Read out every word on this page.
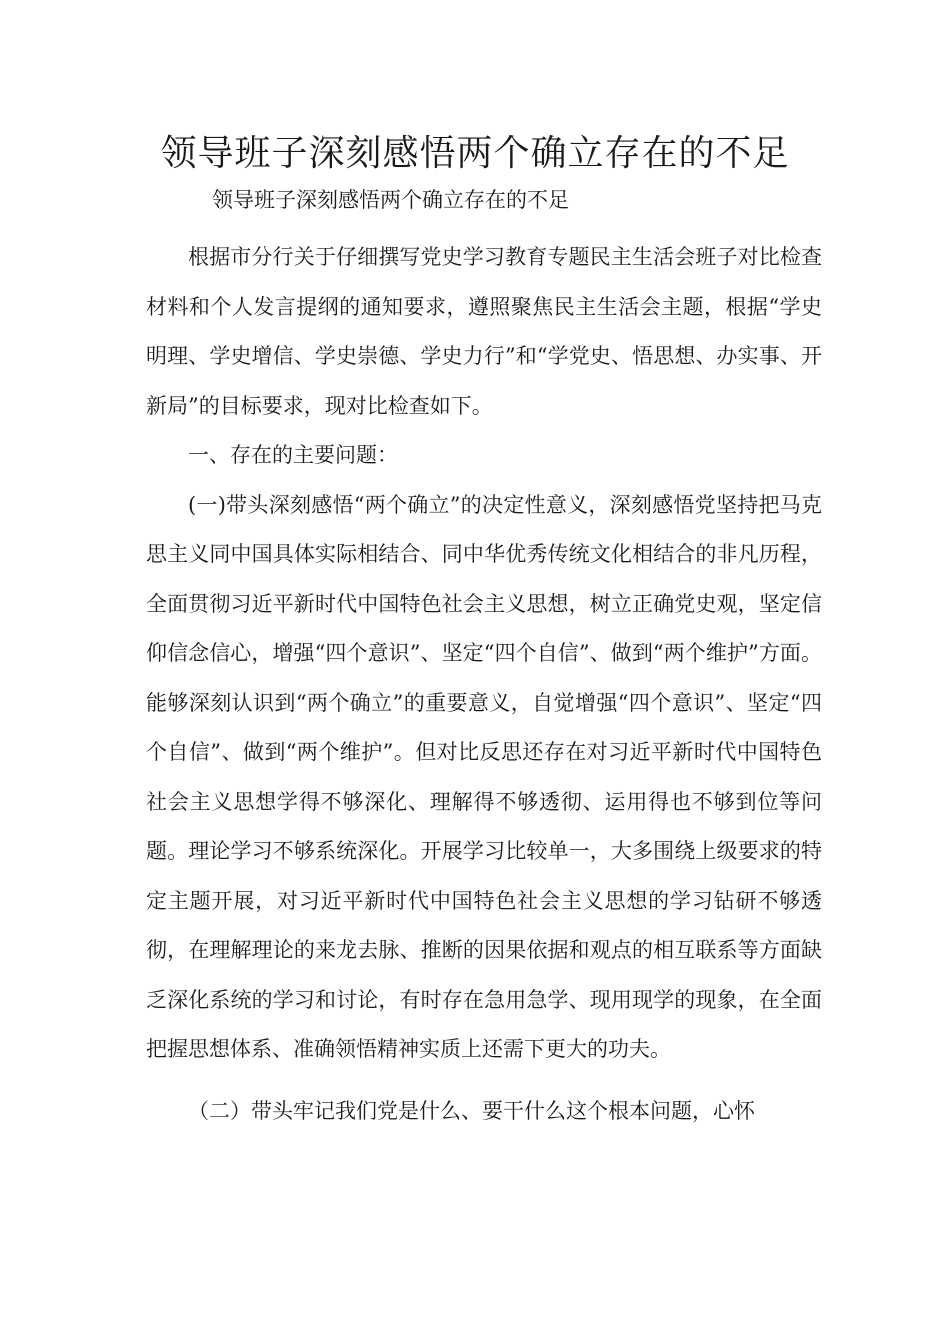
领导班子深刻感悟两个确立存在的不足

领导班子深刻感悟两个确立存在的不足

根据市分行关于仔细撰写党史学习教育专题民主生活会班子对比检查材料和个人发言提纲的通知要求，遵照聚焦民主生活会主题，根据“学史明理、学史增信、学史崇德、学史力行”和“学党史、悟思想、办实事、开新局”的目标要求，现对比检查如下。

一、存在的主要问题：

(一)带头深刻感悟“两个确立”的决定性意义，深刻感悟党坚持把马克思主义同中国具体实际相结合、同中华优秀传统文化相结合的非凡历程，全面贯彻习近平新时代中国特色社会主义思想，树立正确党史观，坚定信仰信念信心，增强“四个意识”、坚定“四个自信”、做到“两个维护”方面。能够深刻认识到“两个确立”的重要意义，自觉增强“四个意识”、坚定“四个自信”、做到“两个维护”。但对比反思还存在对习近平新时代中国特色社会主义思想学得不够深化、理解得不够透彻、运用得也不够到位等问题。理论学习不够系统深化。开展学习比较单一，大多围绕上级要求的特定主题开展，对习近平新时代中国特色社会主义思想的学习钻研不够透彻，在理解理论的来龙去脉、推断的因果依据和观点的相互联系等方面缺乏深化系统的学习和讨论，有时存在急用急学、现用现学的现象，在全面把握思想体系、准确领悟精神实质上还需下更大的功夫。

（二）带头牢记我们党是什么、要干什么这个根本问题，心怀
